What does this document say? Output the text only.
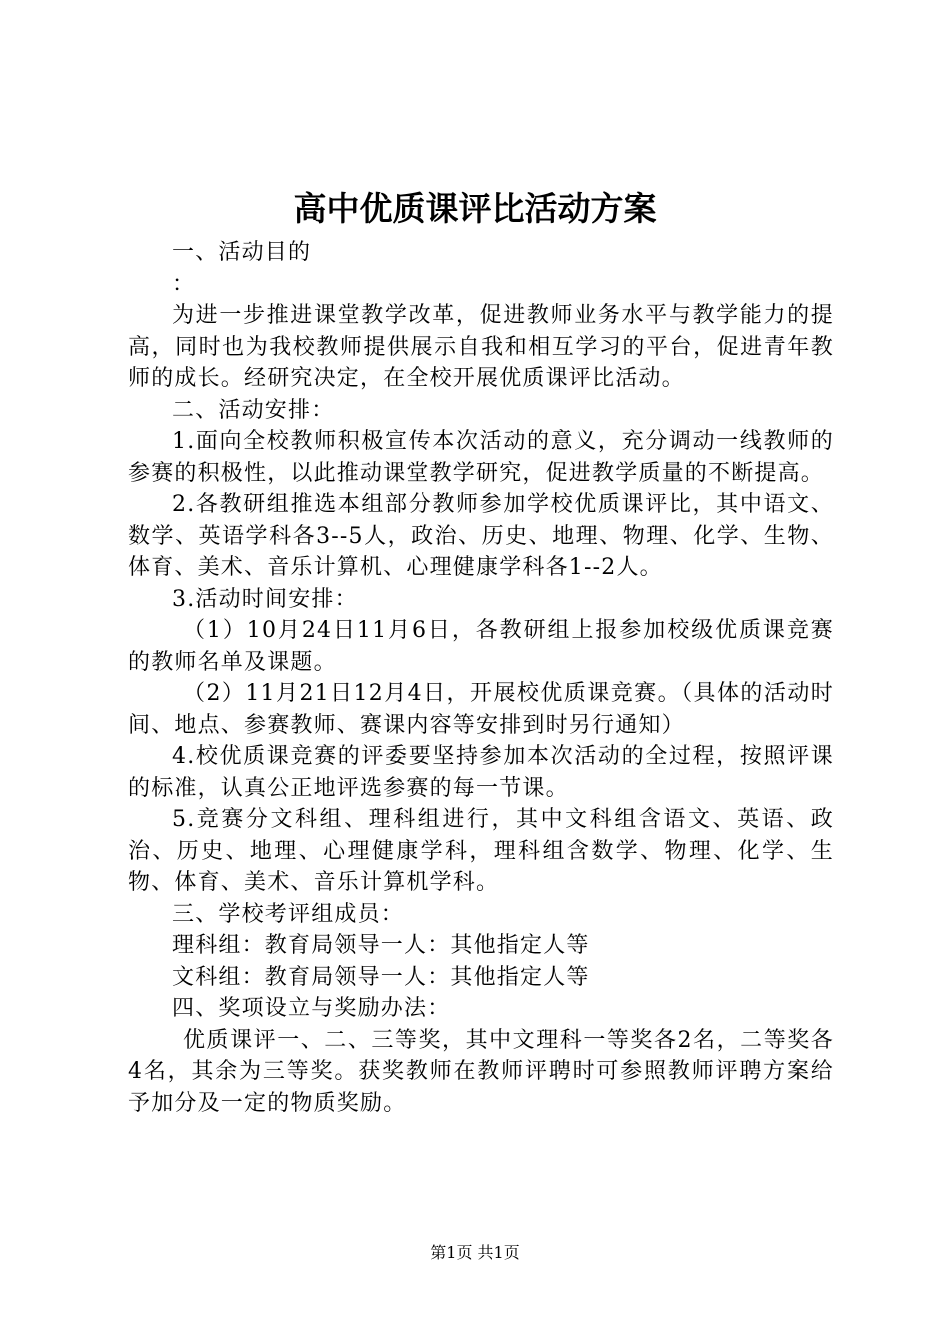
高中优质课评比活动方案

一、活动目的

：

为进一步推进课堂教学改革，促进教师业务水平与教学能力的提高，同时也为我校教师提供展示自我和相互学习的平台，促进青年教师的成长。经研究决定，在全校开展优质课评比活动。

二、活动安排：

1.面向全校教师积极宣传本次活动的意义，充分调动一线教师的参赛的积极性，以此推动课堂教学研究，促进教学质量的不断提高。

2.各教研组推选本组部分教师参加学校优质课评比，其中语文、数学、英语学科各3--5人，政治、历史、地理、物理、化学、生物、体育、美术、音乐计算机、心理健康学科各1--2人。

3.活动时间安排：

（1）10月24日11月6日，各教研组上报参加校级优质课竞赛的教师名单及课题。

（2）11月21日12月4日，开展校优质课竞赛。（具体的活动时间、地点、参赛教师、赛课内容等安排到时另行通知）

4.校优质课竞赛的评委要坚持参加本次活动的全过程，按照评课的标准，认真公正地评选参赛的每一节课。

5.竞赛分文科组、理科组进行，其中文科组含语文、英语、政治、历史、地理、心理健康学科，理科组含数学、物理、化学、生物、体育、美术、音乐计算机学科。

三、学校考评组成员：

理科组：教育局领导一人：其他指定人等

文科组：教育局领导一人：其他指定人等

四、奖项设立与奖励办法：

优质课评一、二、三等奖，其中文理科一等奖各2名，二等奖各4名，其余为三等奖。获奖教师在教师评聘时可参照教师评聘方案给予加分及一定的物质奖励。

第1页 共1页
